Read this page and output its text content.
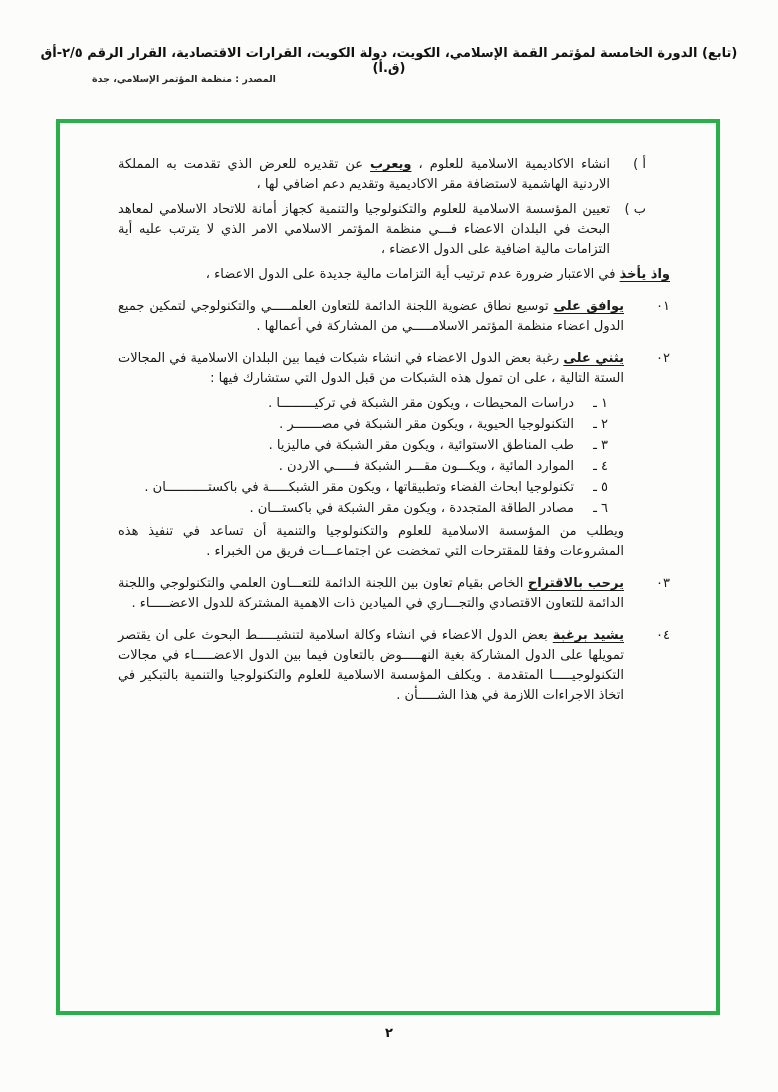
(تابع) الدورة الخامسة لمؤتمر القمة الإسلامي، الكويت، دولة الكويت، القرارات الاقتصادية، القرار الرقم ٢/٥-أق (ق.أ)
المصدر : منظمة المؤتمر الإسلامي، جدة
أ )
انشاء الاكاديمية الاسلامية للعلوم ، ويعرب عن تقديره للعرض الذي تقدمت به المملكة الاردنية الهاشمية لاستضافة مقر الاكاديمية وتقديم دعم اضافي لها ،
ب )
تعيين المؤسسة الاسلامية للعلوم والتكنولوجيا والتنمية كجهاز أمانة للاتحاد الاسلامي لمعاهد البحث في البلدان الاعضاء فـــي منظمة المؤتمر الاسلامي الامر الذي لا يترتب عليه أية التزامات مالية اضافية على الدول الاعضاء ،
واذ يأخذ في الاعتبار ضرورة عدم ترتيب أية التزامات مالية جديدة على الدول الاعضاء ،
٠١
يوافق على توسيع نطاق عضوية اللجنة الدائمة للتعاون العلمـــــي والتكنولوجي لتمكين جميع الدول اعضاء منظمة المؤتمر الاسلامـــــي من المشاركة في أعمالها .
٠٢
يثني على رغبة بعض الدول الاعضاء في انشاء شبكات فيما بين البلدان الاسلامية في المجالات الستة التالية ، على ان تمول هذه الشبكات من قبل الدول التي ستشارك فيها :
١ ـ
دراسات المحيطات ، ويكون مقر الشبكة في تركيـــــــــا .
٢ ـ
التكنولوجيا الحيوية ، ويكون مقر الشبكة في مصـــــــر .
٣ ـ
طب المناطق الاستوائية ، ويكون مقر الشبكة في ماليزيا .
٤ ـ
الموارد المائية ، ويكـــون مقـــر الشبكة فـــــي الاردن .
٥ ـ
تكنولوجيا ابحاث الفضاء وتطبيقاتها ، ويكون مقر الشبكـــــة في باكستـــــــــــان .
٦ ـ
مصادر الطاقة المتجددة ، ويكون مقر الشبكة في باكستـــان .
ويطلب من المؤسسة الاسلامية للعلوم والتكنولوجيا والتنمية أن تساعد في تنفيذ هذه المشروعات وفقا للمقترحات التي تمخضت عن اجتماعـــات فريق من الخبراء .
٠٣
يرحب بالاقتراح الخاص بقيام تعاون بين اللجنة الدائمة للتعـــاون العلمي والتكنولوجي واللجنة الدائمة للتعاون الاقتصادي والتجـــاري في الميادين ذات الاهمية المشتركة للدول الاعضـــــاء .
٠٤
يشيد برغبة بعض الدول الاعضاء في انشاء وكالة اسلامية لتنشيـــــط البحوث على ان يقتصر تمويلها على الدول المشاركة بغية النهـــــوض بالتعاون فيما بين الدول الاعضـــــاء في مجالات التكنولوجيـــــا المتقدمة . ويكلف المؤسسة الاسلامية للعلوم والتكنولوجيا والتنمية بالتبكير في اتخاذ الاجراءات اللازمة في هذا الشـــــأن .
٢
